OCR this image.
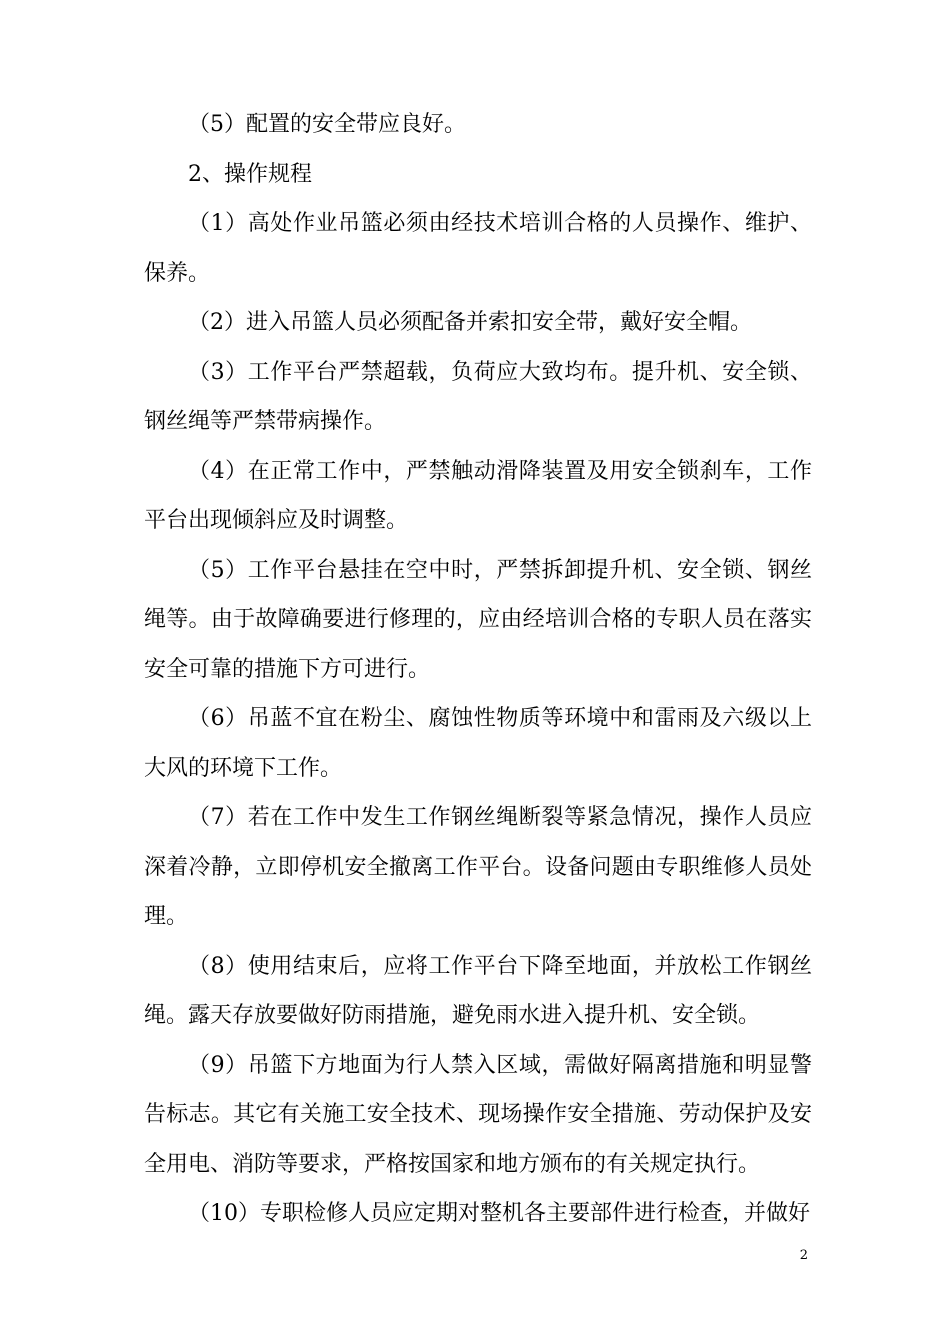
（5）配置的安全带应良好。

2、操作规程

（1）高处作业吊篮必须由经技术培训合格的人员操作、维护、保养。

（2）进入吊篮人员必须配备并索扣安全带，戴好安全帽。

（3）工作平台严禁超载，负荷应大致均布。提升机、安全锁、钢丝绳等严禁带病操作。

（4）在正常工作中，严禁触动滑降装置及用安全锁刹车，工作平台出现倾斜应及时调整。

（5）工作平台悬挂在空中时，严禁拆卸提升机、安全锁、钢丝绳等。由于故障确要进行修理的，应由经培训合格的专职人员在落实安全可靠的措施下方可进行。

（6）吊蓝不宜在粉尘、腐蚀性物质等环境中和雷雨及六级以上大风的环境下工作。

（7）若在工作中发生工作钢丝绳断裂等紧急情况，操作人员应深着冷静，立即停机安全撤离工作平台。设备问题由专职维修人员处理。

（8）使用结束后，应将工作平台下降至地面，并放松工作钢丝绳。露天存放要做好防雨措施，避免雨水进入提升机、安全锁。

（9）吊篮下方地面为行人禁入区域，需做好隔离措施和明显警告标志。其它有关施工安全技术、现场操作安全措施、劳动保护及安全用电、消防等要求，严格按国家和地方颁布的有关规定执行。

（10）专职检修人员应定期对整机各主要部件进行检查，并做好

2
